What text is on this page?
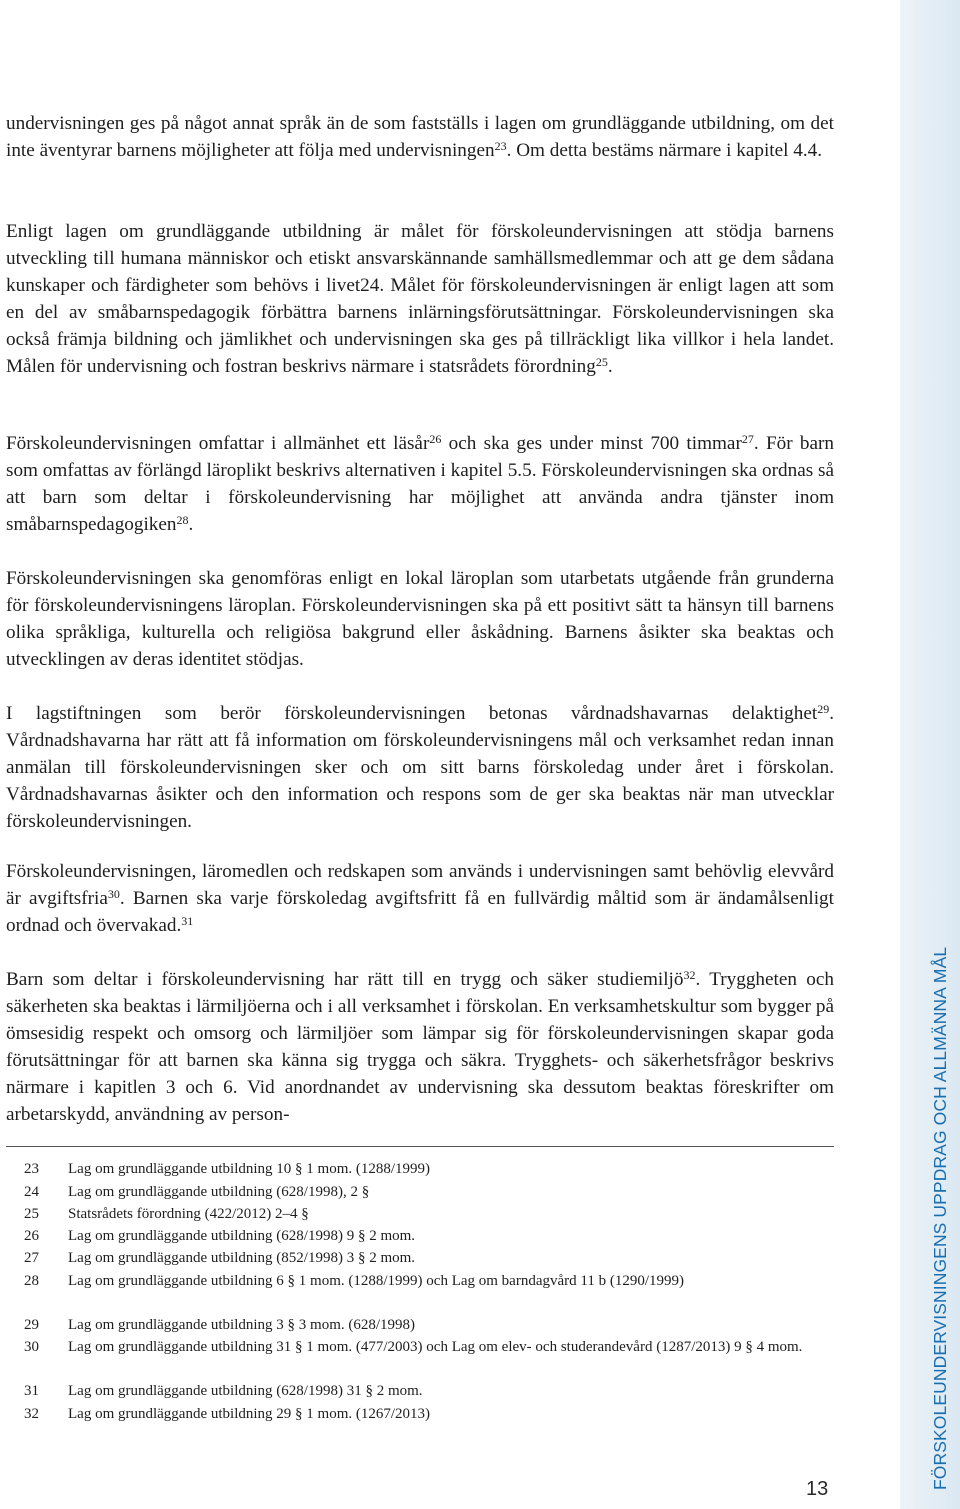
FÖRSKOLEUNDERVISNINGENS UPPDRAG OCH ALLMÄNNA MÅL

undervisningen ges på något annat språk än de som fastställs i lagen om grundläggande utbildning, om det inte äventyrar barnens möjligheter att följa med undervisningen$^{23}$. Om detta bestäms närmare i kapitel 4.4.

Enligt lagen om grundläggande utbildning är målet för förskoleundervisningen att stödja barnens utveckling till humana människor och etiskt ansvarskännande samhällsmedlemmar och att ge dem sådana kunskaper och färdigheter som behövs i livet24. Målet för förskoleundervisningen är enligt lagen att som en del av småbarnspedagogik förbättra barnens inlärningsförutsättningar. Förskoleundervisningen ska också främja bildning och jämlikhet och undervisningen ska ges på tillräckligt lika villkor i hela landet. Målen för undervisning och fostran beskrivs närmare i statsrådets förordning$^{25}$.

Förskoleundervisningen omfattar i allmänhet ett läsår$^{26}$ och ska ges under minst 700 timmar$^{27}$. För barn som omfattas av förlängd läroplikt beskrivs alternativen i kapitel 5.5. Förskoleundervisningen ska ordnas så att barn som deltar i förskoleundervisning har möjlighet att använda andra tjänster inom småbarnspedagogiken$^{28}$.

Förskoleundervisningen ska genomföras enligt en lokal läroplan som utarbetats utgående från grunderna för förskoleundervisningens läroplan. Förskoleundervisningen ska på ett positivt sätt ta hänsyn till barnens olika språkliga, kulturella och religiösa bakgrund eller åskådning. Barnens åsikter ska beaktas och utvecklingen av deras identitet stödjas.

I lagstiftningen som berör förskoleundervisningen betonas vårdnadshavarnas delaktighet$^{29}$. Vårdnadshavarna har rätt att få information om förskoleundervisningens mål och verksamhet redan innan anmälan till förskoleundervisningen sker och om sitt barns förskoledag under året i förskolan. Vårdnadshavarnas åsikter och den information och respons som de ger ska beaktas när man utvecklar förskoleundervisningen.

Förskoleundervisningen, läromedlen och redskapen som används i undervisningen samt behövlig elevvård är avgiftsfria$^{30}$. Barnen ska varje förskoledag avgiftsfritt få en fullvärdig måltid som är ändamålsenligt ordnad och övervakad.$^{31}$

Barn som deltar i förskoleundervisning har rätt till en trygg och säker studiemiljö$^{32}$. Tryggheten och säkerheten ska beaktas i lärmiljöerna och i all verksamhet i förskolan. En verksamhetskultur som bygger på ömsesidig respekt och omsorg och lärmiljöer som lämpar sig för förskoleundervisningen skapar goda förutsättningar för att barnen ska känna sig trygga och säkra. Trygghets- och säkerhetsfrågor beskrivs närmare i kapitlen 3 och 6. Vid anordnandet av undervisning ska dessutom beaktas föreskrifter om arbetarskydd, användning av person-

23	Lag om grundläggande utbildning 10 § 1 mom. (1288/1999)
24	Lag om grundläggande utbildning (628/1998), 2 §
25	Statsrådets förordning (422/2012) 2–4 §
26	Lag om grundläggande utbildning (628/1998) 9 § 2 mom.
27	Lag om grundläggande utbildning (852/1998) 3 § 2 mom.
28	Lag om grundläggande utbildning 6 § 1 mom. (1288/1999) och Lag om barndagvård 11 b (1290/1999)
29	Lag om grundläggande utbildning 3 § 3 mom. (628/1998)
30	Lag om grundläggande utbildning 31 § 1 mom. (477/2003) och Lag om elev- och studerandevård (1287/2013) 9 § 4 mom.
31	Lag om grundläggande utbildning (628/1998) 31 § 2 mom.
32	Lag om grundläggande utbildning 29 § 1 mom. (1267/2013)
13
